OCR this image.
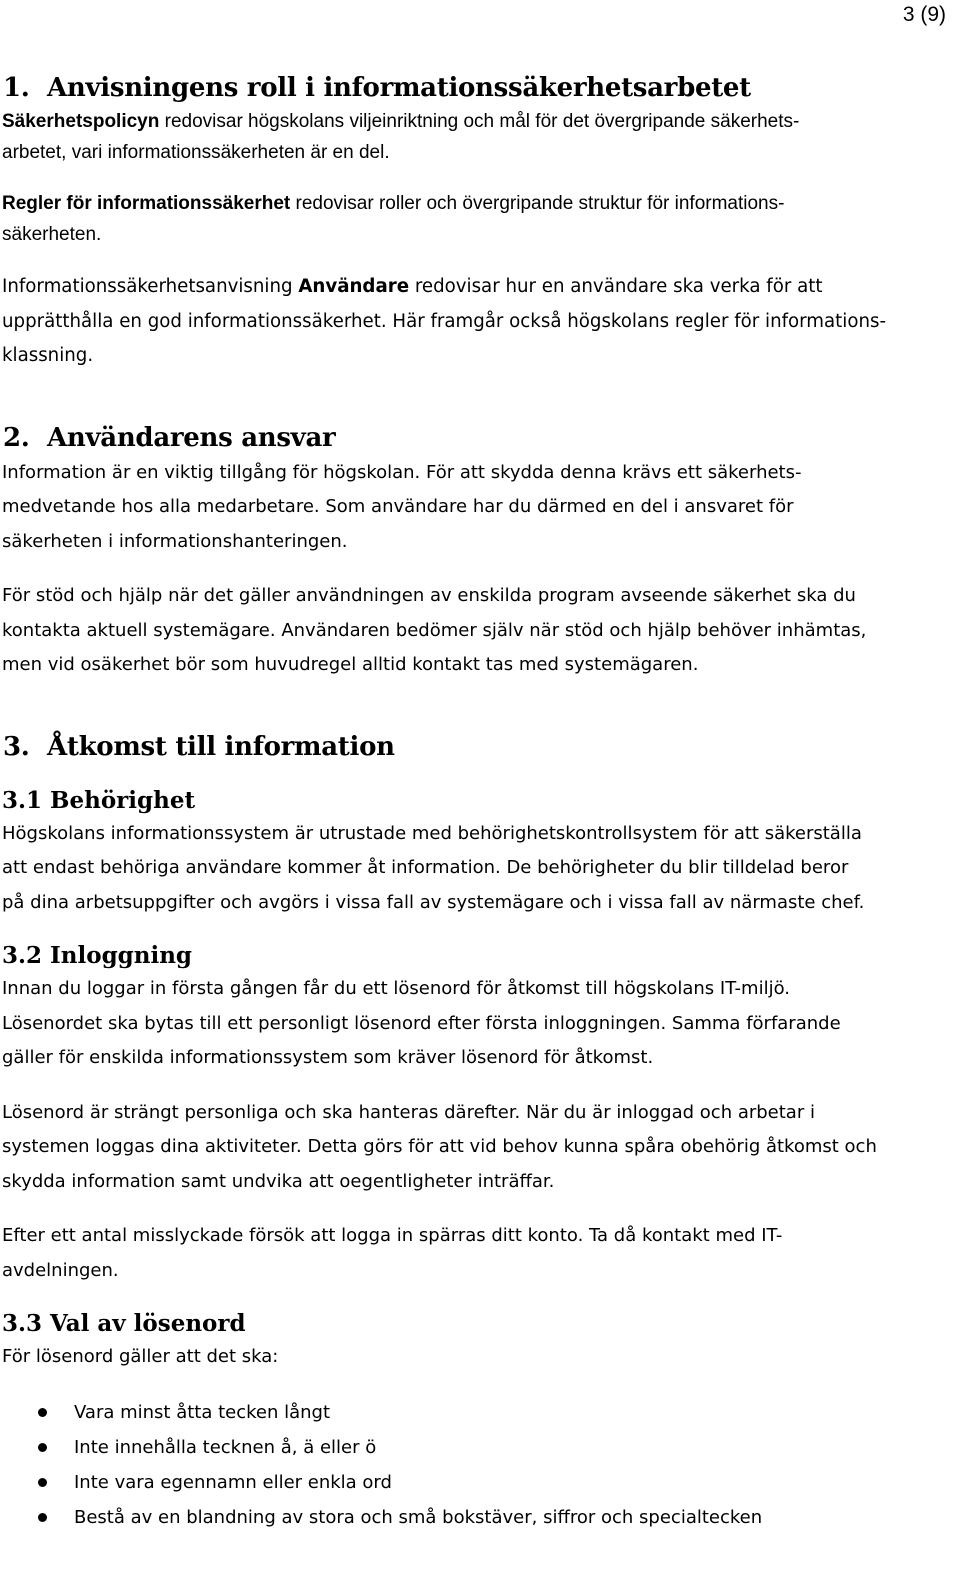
3 (9)
1. Anvisningens roll i informationssäkerhetsarbetet

Säkerhetspolicyn redovisar högskolans viljeinriktning och mål för det övergripande säkerhets-
arbetet, vari informationssäkerheten är en del.

Regler för informationssäkerhet redovisar roller och övergripande struktur för informations-
säkerheten.

Informationssäkerhetsanvisning Användare redovisar hur en användare ska verka för att
upprätthålla en god informationssäkerhet. Här framgår också högskolans regler för informations-
klassning.

2. Användarens ansvar

Information är en viktig tillgång för högskolan. För att skydda denna krävs ett säkerhets-
medvetande hos alla medarbetare. Som användare har du därmed en del i ansvaret för
säkerheten i informationshanteringen.

För stöd och hjälp när det gäller användningen av enskilda program avseende säkerhet ska du
kontakta aktuell systemägare. Användaren bedömer själv när stöd och hjälp behöver inhämtas,
men vid osäkerhet bör som huvudregel alltid kontakt tas med systemägaren.

3. Åtkomst till information
3.1 Behörighet

Högskolans informationssystem är utrustade med behörighetskontrollsystem för att säkerställa
att endast behöriga användare kommer åt information. De behörigheter du blir tilldelad beror
på dina arbetsuppgifter och avgörs i vissa fall av systemägare och i vissa fall av närmaste chef.

3.2 Inloggning

Innan du loggar in första gången får du ett lösenord för åtkomst till högskolans IT-miljö.
Lösenordet ska bytas till ett personligt lösenord efter första inloggningen. Samma förfarande
gäller för enskilda informationssystem som kräver lösenord för åtkomst.

Lösenord är strängt personliga och ska hanteras därefter. När du är inloggad och arbetar i
systemen loggas dina aktiviteter. Detta görs för att vid behov kunna spåra obehörig åtkomst och
skydda information samt undvika att oegentligheter inträffar.

Efter ett antal misslyckade försök att logga in spärras ditt konto. Ta då kontakt med IT-
avdelningen.

3.3 Val av lösenord

För lösenord gäller att det ska:

Vara minst åtta tecken långt
Inte innehålla tecknen å, ä eller ö
Inte vara egennamn eller enkla ord
Bestå av en blandning av stora och små bokstäver, siffror och specialtecken
